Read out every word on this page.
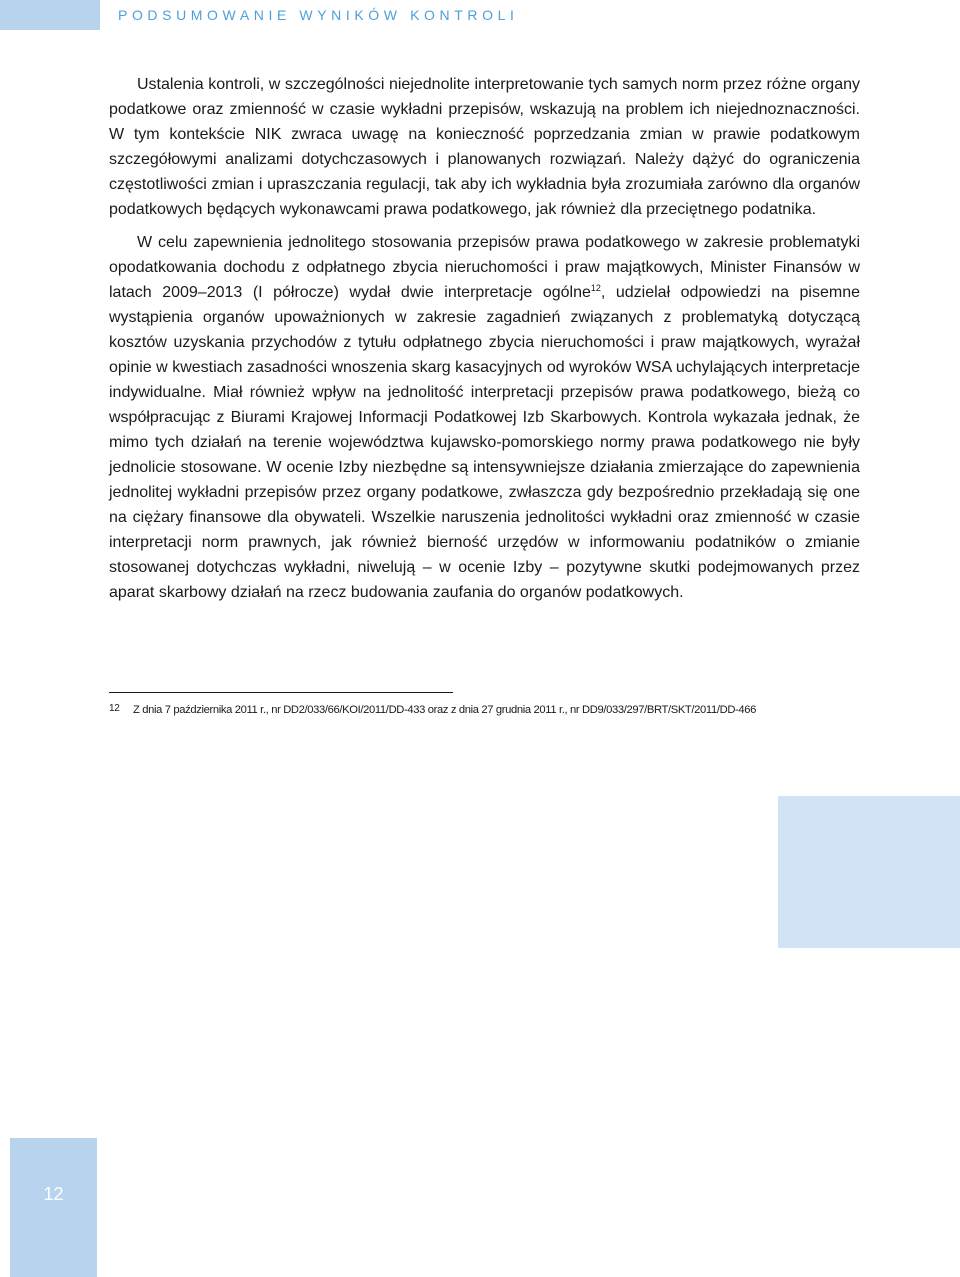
PODSUMOWANIE WYNIKÓW KONTROLI

Ustalenia kontroli, w szczególności niejednolite interpretowanie tych samych norm przez różne organy podatkowe oraz zmienność w czasie wykładni przepisów, wskazują na problem ich niejednoznaczności. W tym kontekście NIK zwraca uwagę na konieczność poprzedzania zmian w prawie podatkowym szczegółowymi analizami dotychczasowych i planowanych rozwiązań. Należy dążyć do ograniczenia częstotliwości zmian i upraszczania regulacji, tak aby ich wykładnia była zrozumiała zarówno dla organów podatkowych będących wykonawcami prawa podatkowego, jak również dla przeciętnego podatnika.

W celu zapewnienia jednolitego stosowania przepisów prawa podatkowego w zakresie problematyki opodatkowania dochodu z odpłatnego zbycia nieruchomości i praw majątkowych, Minister Finansów w latach 2009–2013 (I półrocze) wydał dwie interpretacje ogólne$^{12}$, udzielał odpowiedzi na pisemne wystąpienia organów upoważnionych w zakresie zagadnień związanych z problematyką dotyczącą kosztów uzyskania przychodów z tytułu odpłatnego zbycia nieruchomości i praw majątkowych, wyrażał opinie w kwestiach zasadności wnoszenia skarg kasacyjnych od wyroków WSA uchylających interpretacje indywidualne. Miał również wpływ na jednolitość interpretacji przepisów prawa podatkowego, bieżą co współpracując z Biurami Krajowej Informacji Podatkowej Izb Skarbowych. Kontrola wykazała jednak, że mimo tych działań na terenie województwa kujawsko-pomorskiego normy prawa podatkowego nie były jednolicie stosowane. W ocenie Izby niezbędne są intensywniejsze działania zmierzające do zapewnienia jednolitej wykładni przepisów przez organy podatkowe, zwłaszcza gdy bezpośrednio przekładają się one na ciężary finansowe dla obywateli. Wszelkie naruszenia jednolitości wykładni oraz zmienność w czasie interpretacji norm prawnych, jak również bierność urzędów w informowaniu podatników o zmianie stosowanej dotychczas wykładni, niwelują – w ocenie Izby – pozytywne skutki podejmowanych przez aparat skarbowy działań na rzecz budowania zaufania do organów podatkowych.

12 Z dnia 7 października 2011 r., nr DD2/033/66/KOI/2011/DD-433 oraz z dnia 27 grudnia 2011 r., nr DD9/033/297/BRT/SKT/2011/DD-466
12
